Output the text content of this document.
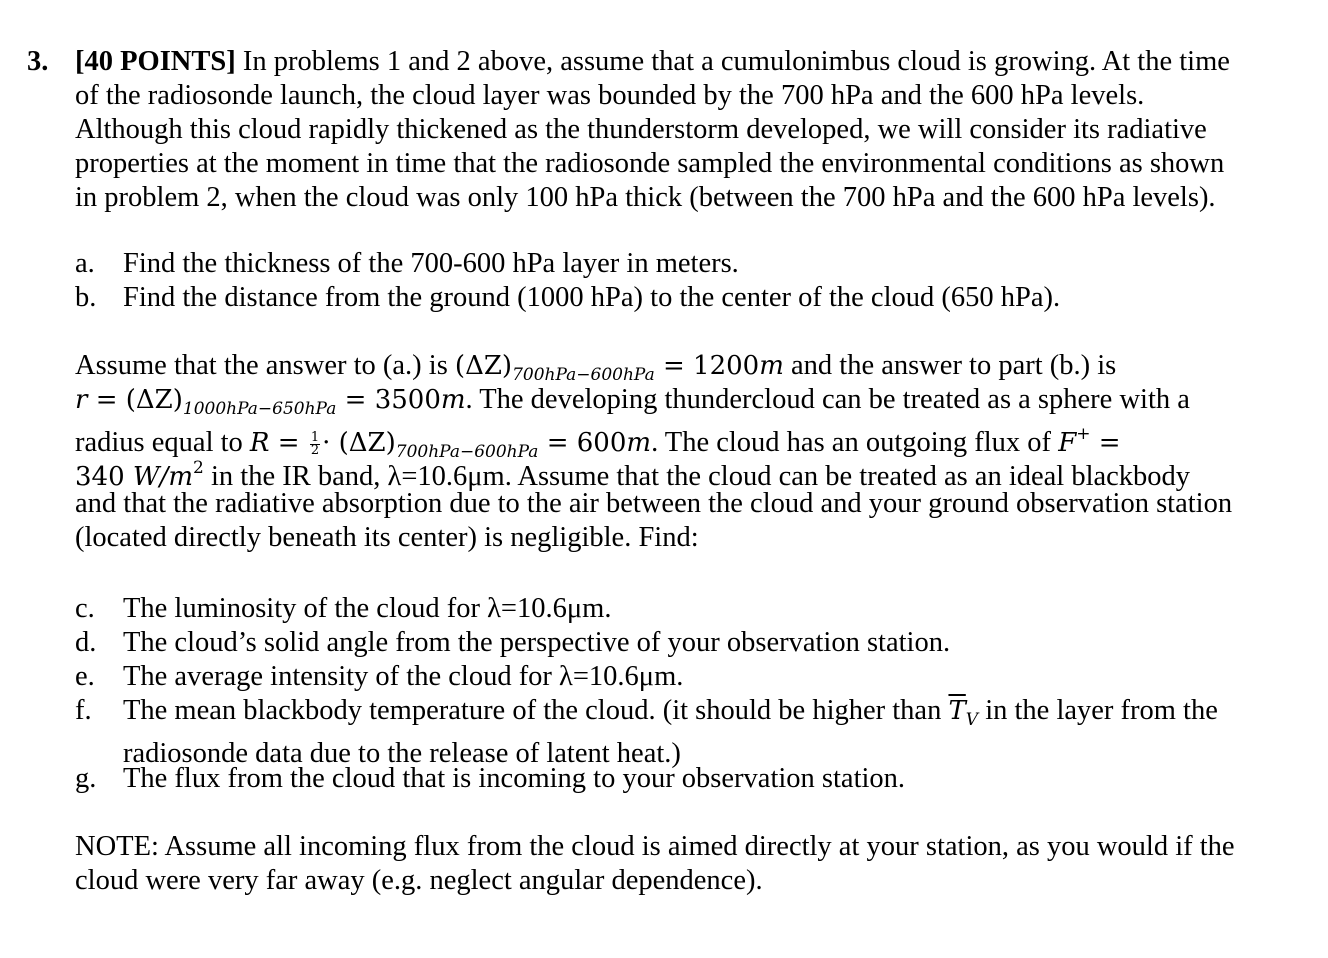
3. [40 POINTS] In problems 1 and 2 above, assume that a cumulonimbus cloud is growing. At the time
of the radiosonde launch, the cloud layer was bounded by the 700 hPa and the 600 hPa levels.
Although this cloud rapidly thickened as the thunderstorm developed, we will consider its radiative
properties at the moment in time that the radiosonde sampled the environmental conditions as shown
in problem 2, when the cloud was only 100 hPa thick (between the 700 hPa and the 600 hPa levels).
a. Find the thickness of the 700-600 hPa layer in meters.
b. Find the distance from the ground (1000 hPa) to the center of the cloud (650 hPa).
Assume that the answer to (a.) is $(\Delta Z)_{700hPa-600hPa} = 1200m$ and the answer to part (b.) is
$r = (\Delta Z)_{1000hPa-650hPa} = 3500m$. The developing thundercloud can be treated as a sphere with a
radius equal to $R = \frac{1}{2} \cdot (\Delta Z)_{700hPa-600hPa} = 600m$. The cloud has an outgoing flux of F+ =
340 $W/m^2$ in the IR band, λ=10.6μm. Assume that the cloud can be treated as an ideal blackbody
and that the radiative absorption due to the air between the cloud and your ground observation station
(located directly beneath its center) is negligible. Find:
c. The luminosity of the cloud for λ=10.6μm.
d. The cloud’s solid angle from the perspective of your observation station.
e. The average intensity of the cloud for λ=10.6μm.
f. The mean blackbody temperature of the cloud. (it should be higher than $\overline{T}_V$ in the layer from the
radiosonde data due to the release of latent heat.)
g. The flux from the cloud that is incoming to your observation station.
NOTE: Assume all incoming flux from the cloud is aimed directly at your station, as you would if the
cloud were very far away (e.g. neglect angular dependence).
